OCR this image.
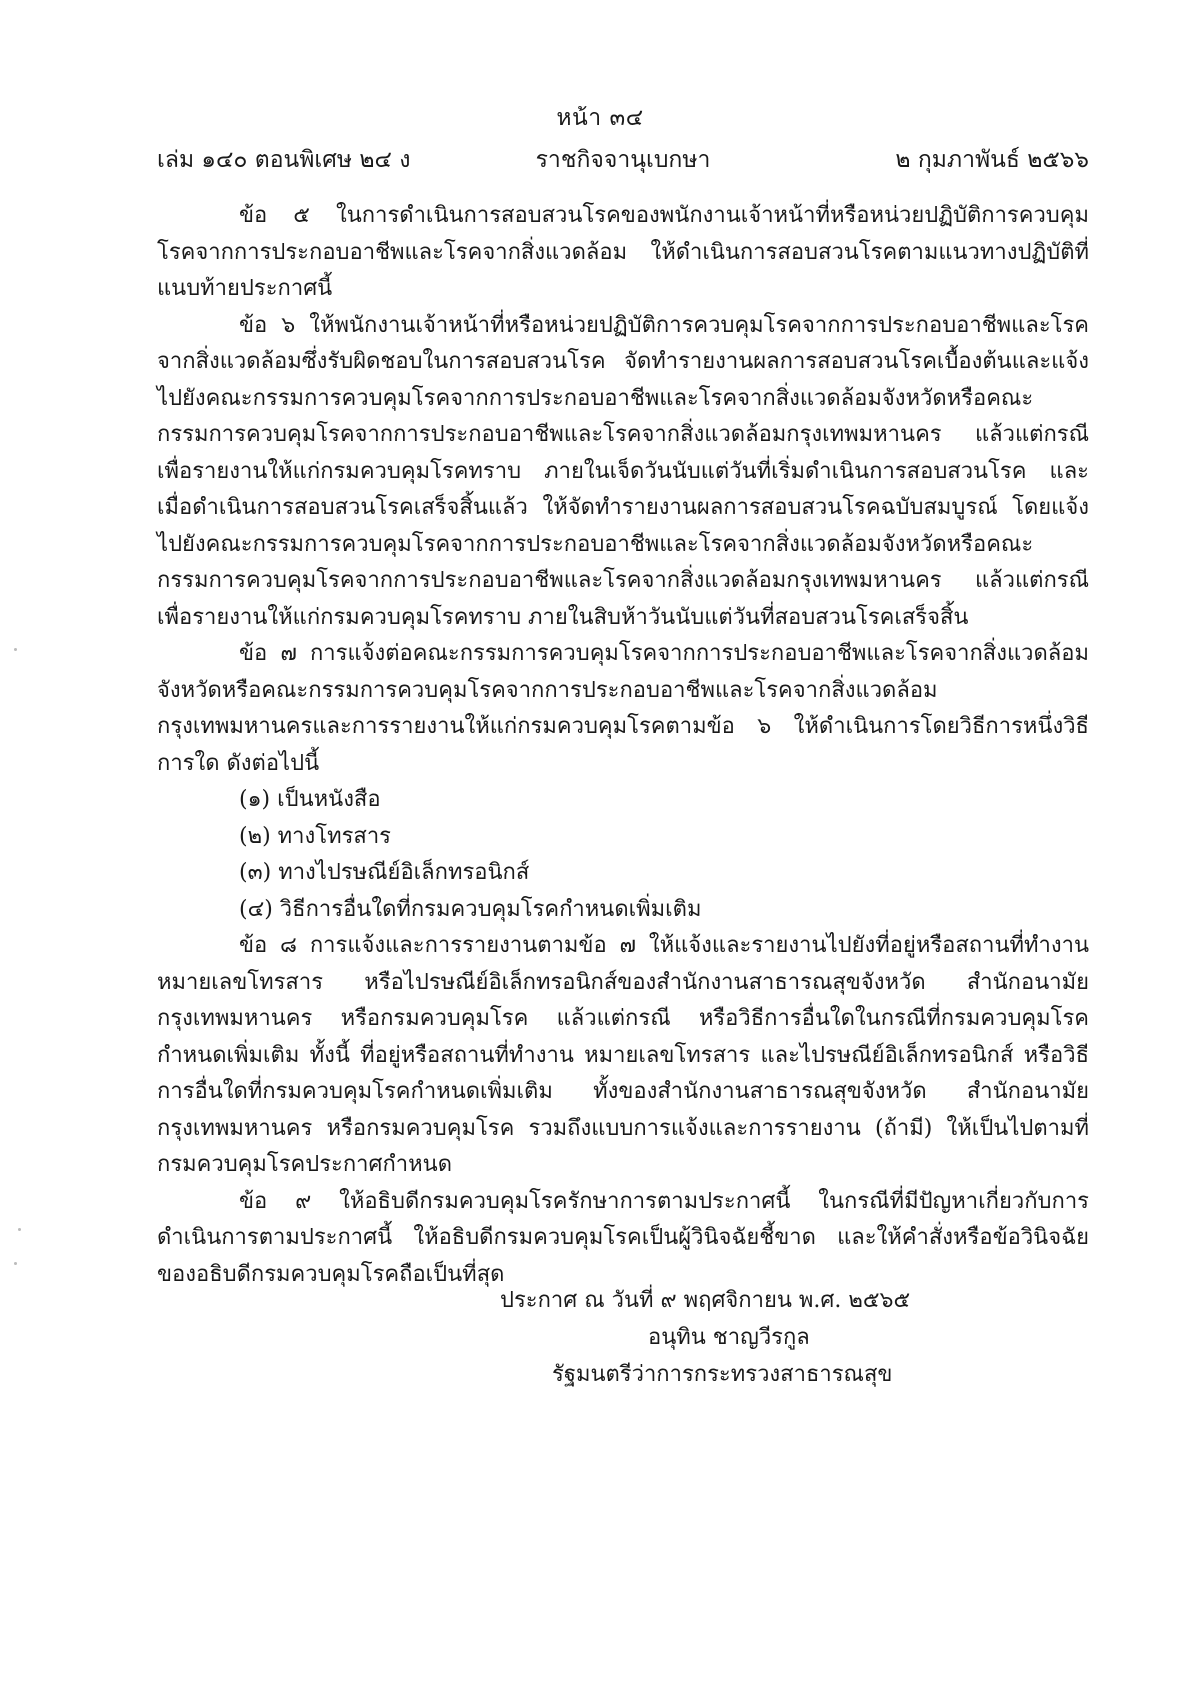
หน้า ๓๔
เล่ม ๑๔๐ ตอนพิเศษ ๒๔ ง	ราชกิจจานุเบกษา	๒ กุมภาพันธ์ ๒๕๖๖

ข้อ ๕ ในการดำเนินการสอบสวนโรคของพนักงานเจ้าหน้าที่หรือหน่วยปฏิบัติการควบคุมโรคจากการประกอบอาชีพและโรคจากสิ่งแวดล้อม ให้ดำเนินการสอบสวนโรคตามแนวทางปฏิบัติที่แนบท้ายประกาศนี้

ข้อ ๖ ให้พนักงานเจ้าหน้าที่หรือหน่วยปฏิบัติการควบคุมโรคจากการประกอบอาชีพและโรคจากสิ่งแวดล้อมซึ่งรับผิดชอบในการสอบสวนโรค จัดทำรายงานผลการสอบสวนโรคเบื้องต้นและแจ้งไปยังคณะกรรมการควบคุมโรคจากการประกอบอาชีพและโรคจากสิ่งแวดล้อมจังหวัดหรือคณะกรรมการควบคุมโรคจากการประกอบอาชีพและโรคจากสิ่งแวดล้อมกรุงเทพมหานคร แล้วแต่กรณี เพื่อรายงานให้แก่กรมควบคุมโรคทราบ ภายในเจ็ดวันนับแต่วันที่เริ่มดำเนินการสอบสวนโรค และเมื่อดำเนินการสอบสวนโรคเสร็จสิ้นแล้ว ให้จัดทำรายงานผลการสอบสวนโรคฉบับสมบูรณ์ โดยแจ้งไปยังคณะกรรมการควบคุมโรคจากการประกอบอาชีพและโรคจากสิ่งแวดล้อมจังหวัดหรือคณะกรรมการควบคุมโรคจากการประกอบอาชีพและโรคจากสิ่งแวดล้อมกรุงเทพมหานคร แล้วแต่กรณี เพื่อรายงานให้แก่กรมควบคุมโรคทราบ ภายในสิบห้าวันนับแต่วันที่สอบสวนโรคเสร็จสิ้น

ข้อ ๗ การแจ้งต่อคณะกรรมการควบคุมโรคจากการประกอบอาชีพและโรคจากสิ่งแวดล้อมจังหวัดหรือคณะกรรมการควบคุมโรคจากการประกอบอาชีพและโรคจากสิ่งแวดล้อมกรุงเทพมหานครและการรายงานให้แก่กรมควบคุมโรคตามข้อ ๖ ให้ดำเนินการโดยวิธีการหนึ่งวิธีการใด ดังต่อไปนี้

(๑) เป็นหนังสือ

(๒) ทางโทรสาร

(๓) ทางไปรษณีย์อิเล็กทรอนิกส์

(๔) วิธีการอื่นใดที่กรมควบคุมโรคกำหนดเพิ่มเติม

ข้อ ๘ การแจ้งและการรายงานตามข้อ ๗ ให้แจ้งและรายงานไปยังที่อยู่หรือสถานที่ทำงาน หมายเลขโทรสาร หรือไปรษณีย์อิเล็กทรอนิกส์ของสำนักงานสาธารณสุขจังหวัด สำนักอนามัยกรุงเทพมหานคร หรือกรมควบคุมโรค แล้วแต่กรณี หรือวิธีการอื่นใดในกรณีที่กรมควบคุมโรคกำหนดเพิ่มเติม ทั้งนี้ ที่อยู่หรือสถานที่ทำงาน หมายเลขโทรสาร และไปรษณีย์อิเล็กทรอนิกส์ หรือวิธีการอื่นใดที่กรมควบคุมโรคกำหนดเพิ่มเติม ทั้งของสำนักงานสาธารณสุขจังหวัด สำนักอนามัย กรุงเทพมหานคร หรือกรมควบคุมโรค รวมถึงแบบการแจ้งและการรายงาน (ถ้ามี) ให้เป็นไปตามที่กรมควบคุมโรคประกาศกำหนด

ข้อ ๙ ให้อธิบดีกรมควบคุมโรครักษาการตามประกาศนี้ ในกรณีที่มีปัญหาเกี่ยวกับการดำเนินการตามประกาศนี้ ให้อธิบดีกรมควบคุมโรคเป็นผู้วินิจฉัยชี้ขาด และให้คำสั่งหรือข้อวินิจฉัยของอธิบดีกรมควบคุมโรคถือเป็นที่สุด

ประกาศ ณ วันที่ ๙ พฤศจิกายน พ.ศ. ๒๕๖๕
อนุทิน ชาญวีรกูล
รัฐมนตรีว่าการกระทรวงสาธารณสุข
